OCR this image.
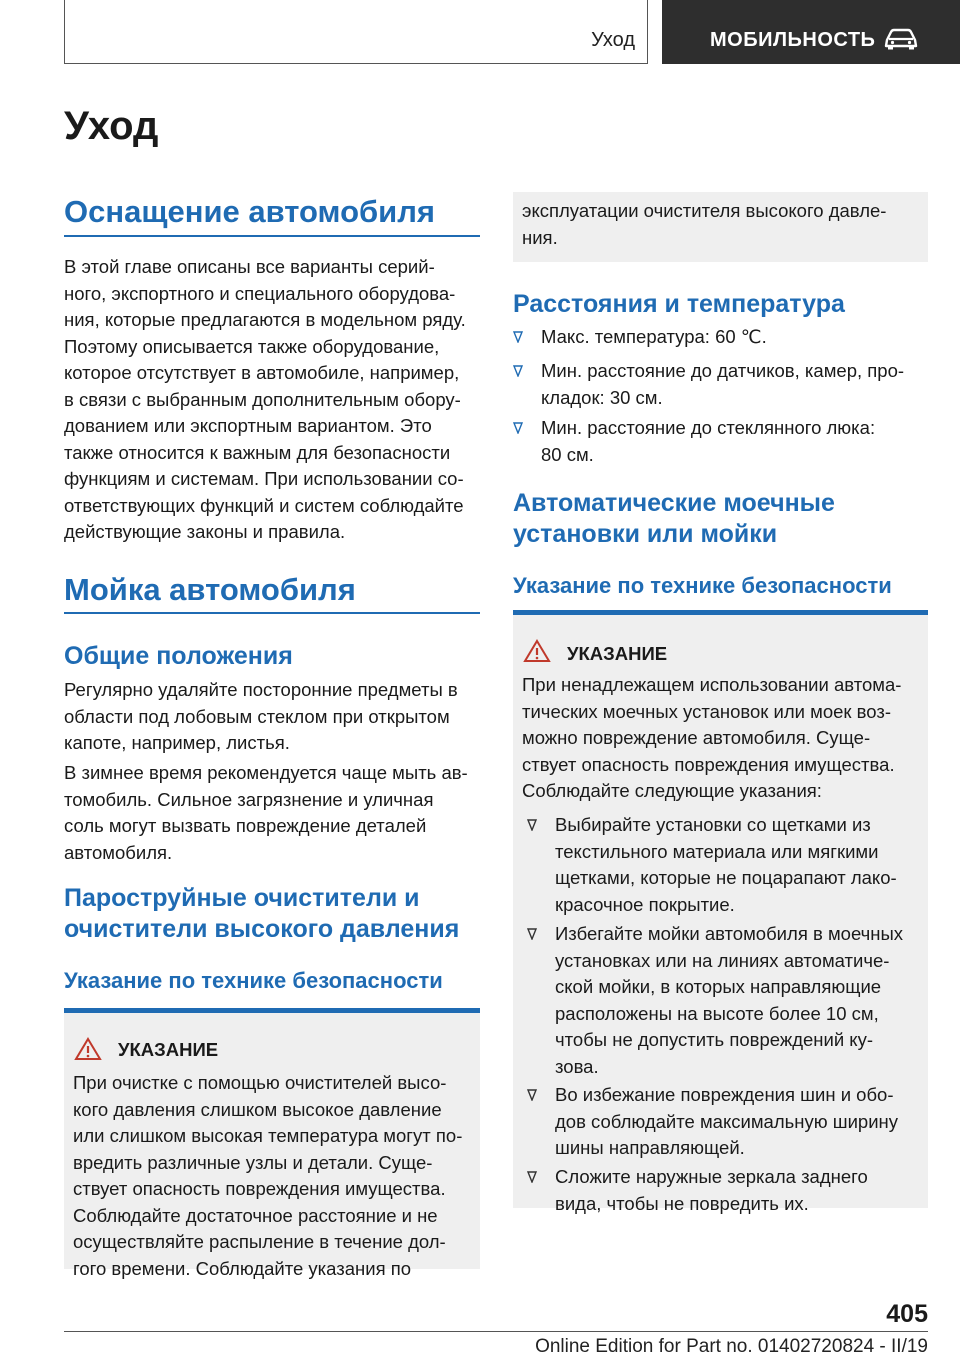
Уход	МОБИЛЬНОСТЬ
Уход
Оснащение автомобиля
В этой главе описаны все варианты серий-
ного, экспортного и специального оборудова-
ния, которые предлагаются в модельном ряду.
Поэтому описывается также оборудование,
которое отсутствует в автомобиле, например,
в связи с выбранным дополнительным обору-
дованием или экспортным вариантом. Это
также относится к важным для безопасности
функциям и системам. При использовании со-
ответствующих функций и систем соблюдайте
действующие законы и правила.
Мойка автомобиля
Общие положения
Регулярно удаляйте посторонние предметы в
области под лобовым стеклом при открытом
капоте, например, листья.
В зимнее время рекомендуется чаще мыть ав-
томобиль. Сильное загрязнение и уличная
соль могут вызвать повреждение деталей
автомобиля.
Пароструйные очистители и
очистители высокого давления
Указание по технике безопасности
УКАЗАНИЕ
При очистке с помощью очистителей высо-
кого давления слишком высокое давление
или слишком высокая температура могут по-
вредить различные узлы и детали. Суще-
ствует опасность повреждения имущества.
Соблюдайте достаточное расстояние и не
осуществляйте распыление в течение дол-
гого времени. Соблюдайте указания по

эксплуатации очистителя высокого давле-
ния.

Расстояния и температура
Макс. температура: 60 ℃.
Мин. расстояние до датчиков, камер, про-
кладок: 30 см.
Мин. расстояние до стеклянного люка:
80 см.
Автоматические моечные
установки или мойки
Указание по технике безопасности
УКАЗАНИЕ
При ненадлежащем использовании автома-
тических моечных установок или моек воз-
можно повреждение автомобиля. Суще-
ствует опасность повреждения имущества.
Соблюдайте следующие указания:
Выбирайте установки со щетками из
текстильного материала или мягкими
щетками, которые не поцарапают лако-
красочное покрытие.
Избегайте мойки автомобиля в моечных
установках или на линиях автоматиче-
ской мойки, в которых направляющие
расположены на высоте более 10 см,
чтобы не допустить повреждений ку-
зова.
Во избежание повреждения шин и обо-
дов соблюдайте максимальную ширину
шины направляющей.
Сложите наружные зеркала заднего
вида, чтобы не повредить их.
405
Online Edition for Part no. 01402720824 - II/19
